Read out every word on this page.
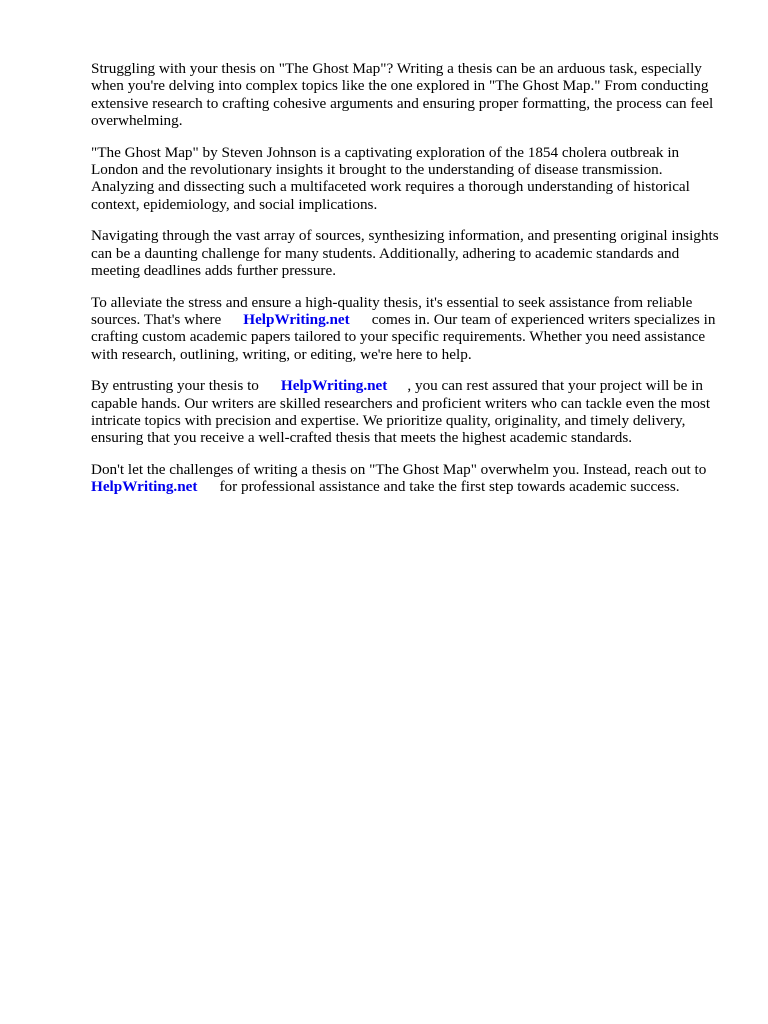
Struggling with your thesis on "The Ghost Map"? Writing a thesis can be an arduous task, especially when you're delving into complex topics like the one explored in "The Ghost Map." From conducting extensive research to crafting cohesive arguments and ensuring proper formatting, the process can feel overwhelming.

"The Ghost Map" by Steven Johnson is a captivating exploration of the 1854 cholera outbreak in London and the revolutionary insights it brought to the understanding of disease transmission. Analyzing and dissecting such a multifaceted work requires a thorough understanding of historical context, epidemiology, and social implications.

Navigating through the vast array of sources, synthesizing information, and presenting original insights can be a daunting challenge for many students. Additionally, adhering to academic standards and meeting deadlines adds further pressure.

To alleviate the stress and ensure a high-quality thesis, it's essential to seek assistance from reliable sources. That's where HelpWriting.net comes in. Our team of experienced writers specializes in crafting custom academic papers tailored to your specific requirements. Whether you need assistance with research, outlining, writing, or editing, we're here to help.

By entrusting your thesis to HelpWriting.net , you can rest assured that your project will be in capable hands. Our writers are skilled researchers and proficient writers who can tackle even the most intricate topics with precision and expertise. We prioritize quality, originality, and timely delivery, ensuring that you receive a well-crafted thesis that meets the highest academic standards.

Don't let the challenges of writing a thesis on "The Ghost Map" overwhelm you. Instead, reach out toHelpWriting.net for professional assistance and take the first step towards academic success.
